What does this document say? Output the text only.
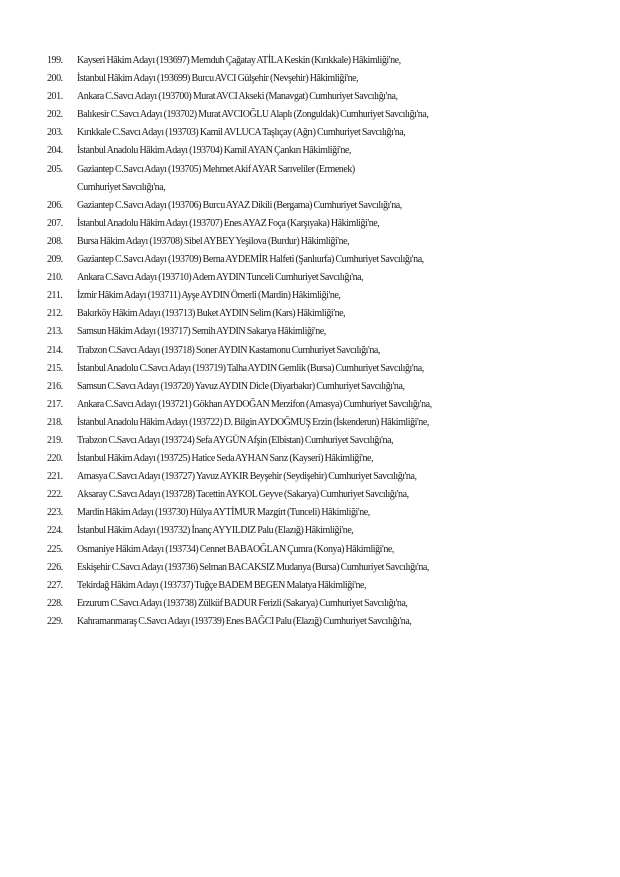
199.	Kayseri Hâkim Adayı (193697) Memduh Çağatay ATİLA Keskin (Kırıkkale) Hâkimliği'ne,
200.	İstanbul Hâkim Adayı (193699) Burcu AVCI Gülşehir (Nevşehir) Hâkimliği'ne,
201.	Ankara C.Savcı Adayı (193700) Murat AVCI Akseki (Manavgat) Cumhuriyet Savcılığı'na,
202.	Balıkesir C.Savcı Adayı (193702) Murat AVCIOĞLU Alaplı (Zonguldak) Cumhuriyet Savcılığı'na,
203.	Kırıkkale C.Savcı Adayı (193703) Kamil AVLUCA Taşlıçay (Ağrı) Cumhuriyet Savcılığı'na,
204.	İstanbul Anadolu Hâkim Adayı (193704) Kamil AYAN Çankırı Hâkimliği'ne,
205.	Gaziantep C.Savcı Adayı (193705) Mehmet Akif AYAR Sarıveliler (Ermenek) Cumhuriyet Savcılığı'na,
206.	Gaziantep C.Savcı Adayı (193706) Burcu AYAZ Dikili (Bergama) Cumhuriyet Savcılığı'na,
207.	İstanbul Anadolu Hâkim Adayı (193707) Enes AYAZ Foça (Karşıyaka) Hâkimliği'ne,
208.	Bursa Hâkim Adayı (193708) Sibel AYBEY Yeşilova (Burdur) Hâkimliği'ne,
209.	Gaziantep C.Savcı Adayı (193709) Berna AYDEMİR Halfeti (Şanlıurfa) Cumhuriyet Savcılığı'na,
210.	Ankara C.Savcı Adayı (193710) Adem AYDIN Tunceli Cumhuriyet Savcılığı'na,
211.	İzmir Hâkim Adayı (193711) Ayşe AYDIN Ömerli (Mardin) Hâkimliği'ne,
212.	Bakırköy Hâkim Adayı (193713) Buket AYDIN Selim (Kars) Hâkimliği'ne,
213.	Samsun Hâkim Adayı (193717) Semih AYDIN Sakarya Hâkimliği'ne,
214.	Trabzon C.Savcı Adayı (193718) Soner AYDIN Kastamonu Cumhuriyet Savcılığı'na,
215.	İstanbul Anadolu C.Savcı Adayı (193719) Talha AYDIN Gemlik (Bursa) Cumhuriyet Savcılığı'na,
216.	Samsun C.Savcı Adayı (193720) Yavuz AYDIN Dicle (Diyarbakır) Cumhuriyet Savcılığı'na,
217.	Ankara C.Savcı Adayı (193721) Gökhan AYDOĞAN Merzifon (Amasya) Cumhuriyet Savcılığı'na,
218.	İstanbul Anadolu Hâkim Adayı (193722) D. Bilgin AYDOĞMUŞ Erzin (İskenderun) Hâkimliği'ne,
219.	Trabzon C.Savcı Adayı (193724) Sefa AYGÜN Afşin (Elbistan) Cumhuriyet Savcılığı'na,
220.	İstanbul Hâkim Adayı (193725) Hatice Seda AYHAN Sarız (Kayseri) Hâkimliği'ne,
221.	Amasya C.Savcı Adayı (193727) Yavuz AYKIR Beyşehir (Seydişehir) Cumhuriyet Savcılığı'na,
222.	Aksaray C.Savcı Adayı (193728) Tacettin AYKOL Geyve (Sakarya) Cumhuriyet Savcılığı'na,
223.	Mardin Hâkim Adayı (193730) Hülya AYTİMUR Mazgirt (Tunceli) Hâkimliği'ne,
224.	İstanbul Hâkim Adayı (193732) İnanç AYYILDIZ Palu (Elazığ) Hâkimliği'ne,
225.	Osmaniye Hâkim Adayı (193734) Cennet BABAOĞLAN Çumra (Konya) Hâkimliği'ne,
226.	Eskişehir C.Savcı Adayı (193736) Selman BACAKSIZ Mudanya (Bursa) Cumhuriyet Savcılığı'na,
227.	Tekirdağ Hâkim Adayı (193737) Tuğçe BADEM BEGEN Malatya Hâkimliği'ne,
228.	Erzurum C.Savcı Adayı (193738) Zülküf BADUR Ferizli (Sakarya) Cumhuriyet Savcılığı'na,
229.	Kahramanmaraş C.Savcı Adayı (193739) Enes BAĞCI Palu (Elazığ) Cumhuriyet Savcılığı'na,
